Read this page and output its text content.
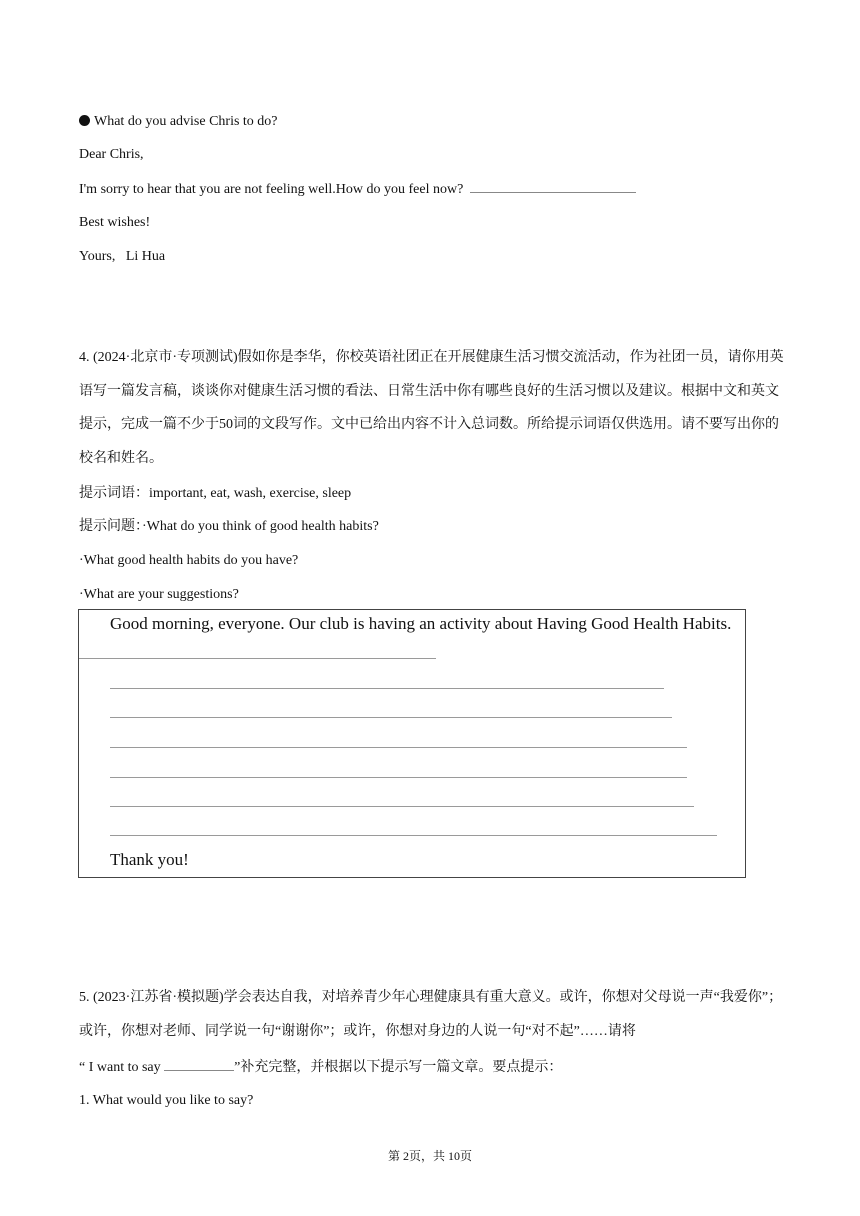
What do you advise Chris to do?
Dear Chris,
I'm sorry to hear that you are not feeling well.How do you feel now?
Best wishes!
Yours,   Li Hua
4. (2024·北京市·专项测试)假如你是李华，你校英语社团正在开展健康生活习惯交流活动，作为社团一员，请你用英语写一篇发言稿，谈谈你对健康生活习惯的看法、日常生活中你有哪些良好的生活习惯以及建议。根据中文和英文提示，完成一篇不少于50词的文段写作。文中已给出内容不计入总词数。所给提示词语仅供选用。请不要写出你的校名和姓名。
提示词语：important, eat, wash, exercise, sleep
提示问题：·What do you think of good health habits?
·What good health habits do you have?
·What are your suggestions?
Good morning, everyone. Our club is having an activity about Having Good Health Habits.
Thank you!
5. (2023·江苏省·模拟题)学会表达自我，对培养青少年心理健康具有重大意义。或许，你想对父母说一声“我爱你”；或许，你想对老师、同学说一句“谢谢你”；或许，你想对身边的人说一句“对不起”……请将
“ I want to say	”补充完整，并根据以下提示写一篇文章。要点提示：
1. What would you like to say?
第 2页，共 10页
